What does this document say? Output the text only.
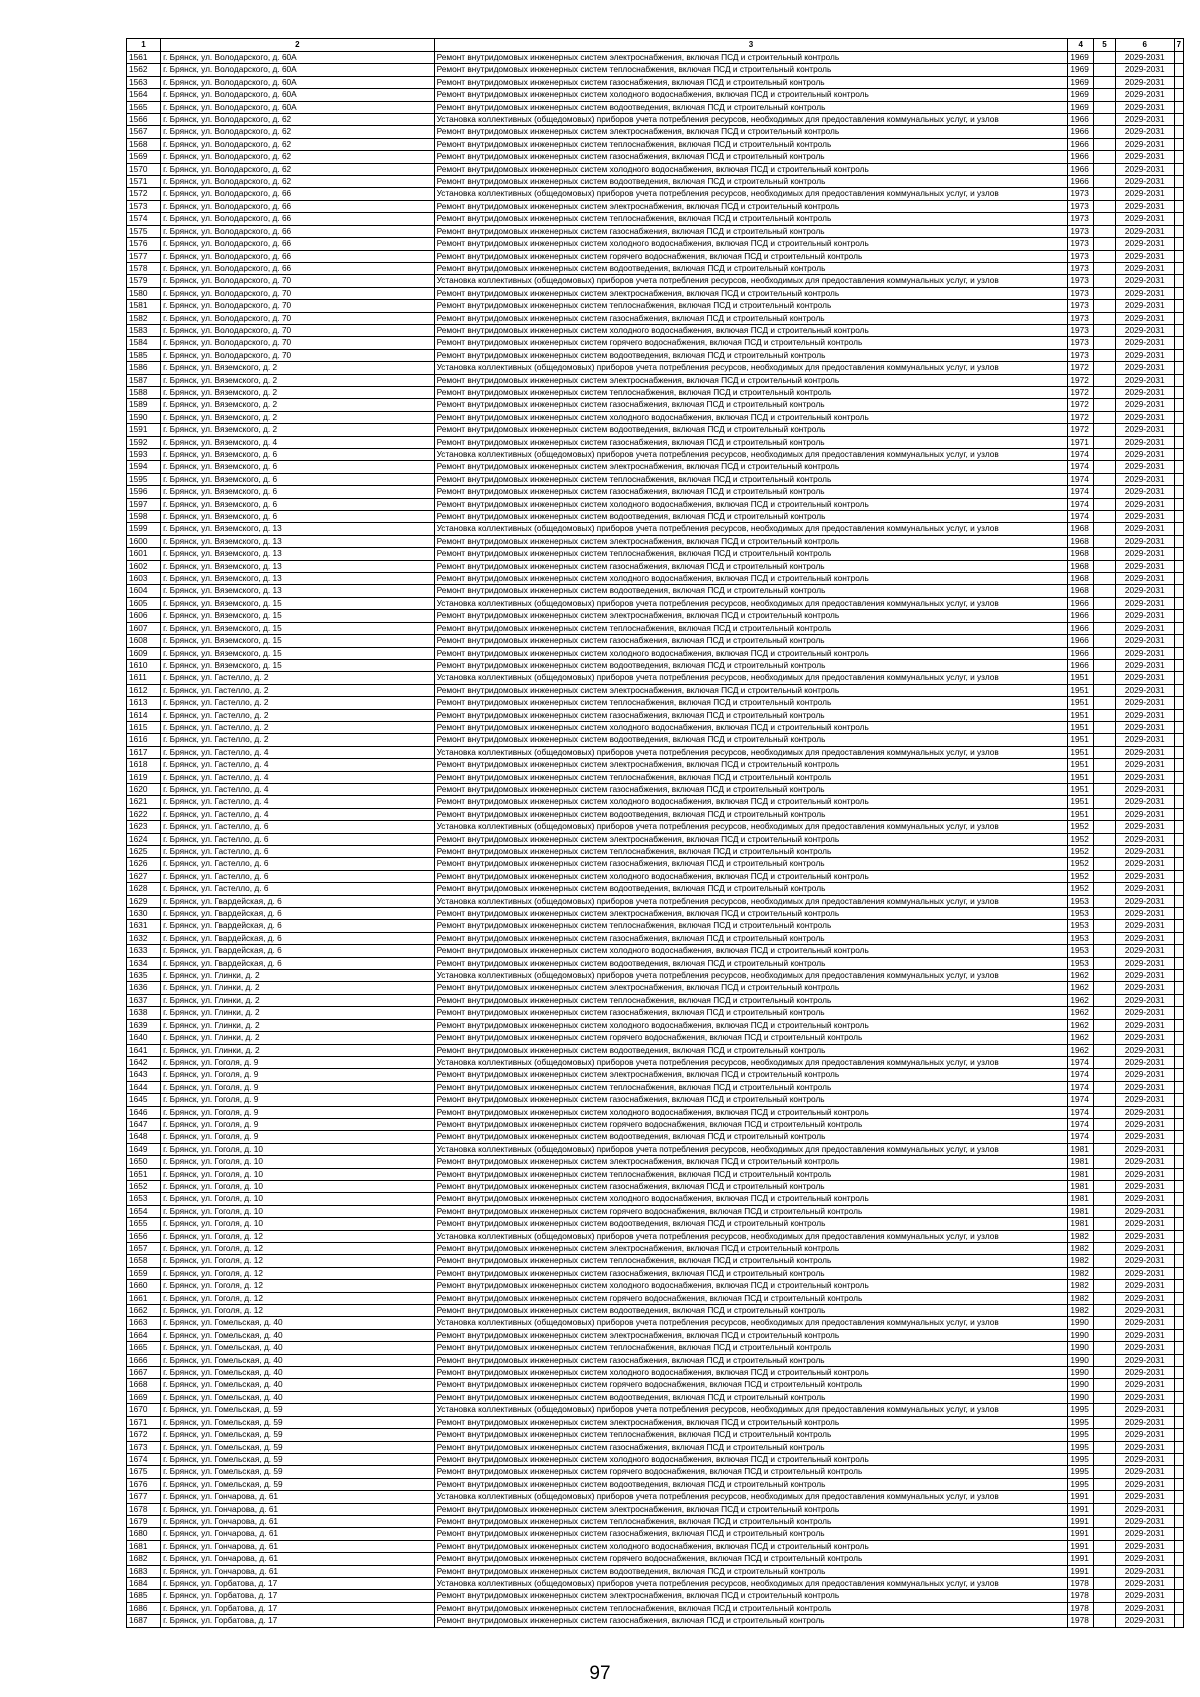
1	2	3	4	5	6	7
1561	г. Брянск, ул. Володарского, д. 60А	Ремонт внутридомовых инженерных систем электроснабжения, включая ПСД и строительный контроль	1969		2029-2031	
1562	г. Брянск, ул. Володарского, д. 60А	Ремонт внутридомовых инженерных систем теплоснабжения, включая ПСД и строительный контроль	1969		2029-2031	
1563	г. Брянск, ул. Володарского, д. 60А	Ремонт внутридомовых инженерных систем газоснабжения, включая ПСД и строительный контроль	1969		2029-2031	
1564	г. Брянск, ул. Володарского, д. 60А	Ремонт внутридомовых инженерных систем холодного водоснабжения, включая ПСД и строительный контроль	1969		2029-2031	
1565	г. Брянск, ул. Володарского, д. 60А	Ремонт внутридомовых инженерных систем водоотведения, включая ПСД и строительный контроль	1969		2029-2031	
1566	г. Брянск, ул. Володарского, д. 62	Установка коллективных (общедомовых) приборов учета потребления ресурсов, необходимых для предоставления коммунальных услуг, и узлов	1966		2029-2031	
1567	г. Брянск, ул. Володарского, д. 62	Ремонт внутридомовых инженерных систем электроснабжения, включая ПСД и строительный контроль	1966		2029-2031	
1568	г. Брянск, ул. Володарского, д. 62	Ремонт внутридомовых инженерных систем теплоснабжения, включая ПСД и строительный контроль	1966		2029-2031	
1569	г. Брянск, ул. Володарского, д. 62	Ремонт внутридомовых инженерных систем газоснабжения, включая ПСД и строительный контроль	1966		2029-2031	
1570	г. Брянск, ул. Володарского, д. 62	Ремонт внутридомовых инженерных систем холодного водоснабжения, включая ПСД и строительный контроль	1966		2029-2031	
1571	г. Брянск, ул. Володарского, д. 62	Ремонт внутридомовых инженерных систем водоотведения, включая ПСД и строительный контроль	1966		2029-2031	
1572	г. Брянск, ул. Володарского, д. 66	Установка коллективных (общедомовых) приборов учета потребления ресурсов, необходимых для предоставления коммунальных услуг, и узлов	1973		2029-2031	
1573	г. Брянск, ул. Володарского, д. 66	Ремонт внутридомовых инженерных систем электроснабжения, включая ПСД и строительный контроль	1973		2029-2031	
1574	г. Брянск, ул. Володарского, д. 66	Ремонт внутридомовых инженерных систем теплоснабжения, включая ПСД и строительный контроль	1973		2029-2031	
1575	г. Брянск, ул. Володарского, д. 66	Ремонт внутридомовых инженерных систем газоснабжения, включая ПСД и строительный контроль	1973		2029-2031	
1576	г. Брянск, ул. Володарского, д. 66	Ремонт внутридомовых инженерных систем холодного водоснабжения, включая ПСД и строительный контроль	1973		2029-2031	
1577	г. Брянск, ул. Володарского, д. 66	Ремонт внутридомовых инженерных систем горячего водоснабжения, включая ПСД и строительный контроль	1973		2029-2031	
1578	г. Брянск, ул. Володарского, д. 66	Ремонт внутридомовых инженерных систем водоотведения, включая ПСД и строительный контроль	1973		2029-2031	
1579	г. Брянск, ул. Володарского, д. 70	Установка коллективных (общедомовых) приборов учета потребления ресурсов, необходимых для предоставления коммунальных услуг, и узлов	1973		2029-2031	
1580	г. Брянск, ул. Володарского, д. 70	Ремонт внутридомовых инженерных систем электроснабжения, включая ПСД и строительный контроль	1973		2029-2031	
1581	г. Брянск, ул. Володарского, д. 70	Ремонт внутридомовых инженерных систем теплоснабжения, включая ПСД и строительный контроль	1973		2029-2031	
1582	г. Брянск, ул. Володарского, д. 70	Ремонт внутридомовых инженерных систем газоснабжения, включая ПСД и строительный контроль	1973		2029-2031	
1583	г. Брянск, ул. Володарского, д. 70	Ремонт внутридомовых инженерных систем холодного водоснабжения, включая ПСД и строительный контроль	1973		2029-2031	
1584	г. Брянск, ул. Володарского, д. 70	Ремонт внутридомовых инженерных систем горячего водоснабжения, включая ПСД и строительный контроль	1973		2029-2031	
1585	г. Брянск, ул. Володарского, д. 70	Ремонт внутридомовых инженерных систем водоотведения, включая ПСД и строительный контроль	1973		2029-2031	
1586	г. Брянск, ул. Вяземского, д. 2	Установка коллективных (общедомовых) приборов учета потребления ресурсов, необходимых для предоставления коммунальных услуг, и узлов	1972		2029-2031	
1587	г. Брянск, ул. Вяземского, д. 2	Ремонт внутридомовых инженерных систем электроснабжения, включая ПСД и строительный контроль	1972		2029-2031	
1588	г. Брянск, ул. Вяземского, д. 2	Ремонт внутридомовых инженерных систем теплоснабжения, включая ПСД и строительный контроль	1972		2029-2031	
1589	г. Брянск, ул. Вяземского, д. 2	Ремонт внутридомовых инженерных систем газоснабжения, включая ПСД и строительный контроль	1972		2029-2031	
1590	г. Брянск, ул. Вяземского, д. 2	Ремонт внутридомовых инженерных систем холодного водоснабжения, включая ПСД и строительный контроль	1972		2029-2031	
1591	г. Брянск, ул. Вяземского, д. 2	Ремонт внутридомовых инженерных систем водоотведения, включая ПСД и строительный контроль	1972		2029-2031	
1592	г. Брянск, ул. Вяземского, д. 4	Ремонт внутридомовых инженерных систем газоснабжения, включая ПСД и строительный контроль	1971		2029-2031	
1593	г. Брянск, ул. Вяземского, д. 6	Установка коллективных (общедомовых) приборов учета потребления ресурсов, необходимых для предоставления коммунальных услуг, и узлов	1974		2029-2031	
1594	г. Брянск, ул. Вяземского, д. 6	Ремонт внутридомовых инженерных систем электроснабжения, включая ПСД и строительный контроль	1974		2029-2031	
1595	г. Брянск, ул. Вяземского, д. 6	Ремонт внутридомовых инженерных систем теплоснабжения, включая ПСД и строительный контроль	1974		2029-2031	
1596	г. Брянск, ул. Вяземского, д. 6	Ремонт внутридомовых инженерных систем газоснабжения, включая ПСД и строительный контроль	1974		2029-2031	
1597	г. Брянск, ул. Вяземского, д. 6	Ремонт внутридомовых инженерных систем холодного водоснабжения, включая ПСД и строительный контроль	1974		2029-2031	
1598	г. Брянск, ул. Вяземского, д. 6	Ремонт внутридомовых инженерных систем водоотведения, включая ПСД и строительный контроль	1974		2029-2031	
1599	г. Брянск, ул. Вяземского, д. 13	Установка коллективных (общедомовых) приборов учета потребления ресурсов, необходимых для предоставления коммунальных услуг, и узлов	1968		2029-2031	
1600	г. Брянск, ул. Вяземского, д. 13	Ремонт внутридомовых инженерных систем электроснабжения, включая ПСД и строительный контроль	1968		2029-2031	
1601	г. Брянск, ул. Вяземского, д. 13	Ремонт внутридомовых инженерных систем теплоснабжения, включая ПСД и строительный контроль	1968		2029-2031	
1602	г. Брянск, ул. Вяземского, д. 13	Ремонт внутридомовых инженерных систем газоснабжения, включая ПСД и строительный контроль	1968		2029-2031	
1603	г. Брянск, ул. Вяземского, д. 13	Ремонт внутридомовых инженерных систем холодного водоснабжения, включая ПСД и строительный контроль	1968		2029-2031	
1604	г. Брянск, ул. Вяземского, д. 13	Ремонт внутридомовых инженерных систем водоотведения, включая ПСД и строительный контроль	1968		2029-2031	
1605	г. Брянск, ул. Вяземского, д. 15	Установка коллективных (общедомовых) приборов учета потребления ресурсов, необходимых для предоставления коммунальных услуг, и узлов	1966		2029-2031	
1606	г. Брянск, ул. Вяземского, д. 15	Ремонт внутридомовых инженерных систем электроснабжения, включая ПСД и строительный контроль	1966		2029-2031	
1607	г. Брянск, ул. Вяземского, д. 15	Ремонт внутридомовых инженерных систем теплоснабжения, включая ПСД и строительный контроль	1966		2029-2031	
1608	г. Брянск, ул. Вяземского, д. 15	Ремонт внутридомовых инженерных систем газоснабжения, включая ПСД и строительный контроль	1966		2029-2031	
1609	г. Брянск, ул. Вяземского, д. 15	Ремонт внутридомовых инженерных систем холодного водоснабжения, включая ПСД и строительный контроль	1966		2029-2031	
1610	г. Брянск, ул. Вяземского, д. 15	Ремонт внутридомовых инженерных систем водоотведения, включая ПСД и строительный контроль	1966		2029-2031	
1611	г. Брянск, ул. Гастелло, д. 2	Установка коллективных (общедомовых) приборов учета потребления ресурсов, необходимых для предоставления коммунальных услуг, и узлов	1951		2029-2031	
1612	г. Брянск, ул. Гастелло, д. 2	Ремонт внутридомовых инженерных систем электроснабжения, включая ПСД и строительный контроль	1951		2029-2031	
1613	г. Брянск, ул. Гастелло, д. 2	Ремонт внутридомовых инженерных систем теплоснабжения, включая ПСД и строительный контроль	1951		2029-2031	
1614	г. Брянск, ул. Гастелло, д. 2	Ремонт внутридомовых инженерных систем газоснабжения, включая ПСД и строительный контроль	1951		2029-2031	
1615	г. Брянск, ул. Гастелло, д. 2	Ремонт внутридомовых инженерных систем холодного водоснабжения, включая ПСД и строительный контроль	1951		2029-2031	
1616	г. Брянск, ул. Гастелло, д. 2	Ремонт внутридомовых инженерных систем водоотведения, включая ПСД и строительный контроль	1951		2029-2031	
1617	г. Брянск, ул. Гастелло, д. 4	Установка коллективных (общедомовых) приборов учета потребления ресурсов, необходимых для предоставления коммунальных услуг, и узлов	1951		2029-2031	
1618	г. Брянск, ул. Гастелло, д. 4	Ремонт внутридомовых инженерных систем электроснабжения, включая ПСД и строительный контроль	1951		2029-2031	
1619	г. Брянск, ул. Гастелло, д. 4	Ремонт внутридомовых инженерных систем теплоснабжения, включая ПСД и строительный контроль	1951		2029-2031	
1620	г. Брянск, ул. Гастелло, д. 4	Ремонт внутридомовых инженерных систем газоснабжения, включая ПСД и строительный контроль	1951		2029-2031	
1621	г. Брянск, ул. Гастелло, д. 4	Ремонт внутридомовых инженерных систем холодного водоснабжения, включая ПСД и строительный контроль	1951		2029-2031	
1622	г. Брянск, ул. Гастелло, д. 4	Ремонт внутридомовых инженерных систем водоотведения, включая ПСД и строительный контроль	1951		2029-2031	
1623	г. Брянск, ул. Гастелло, д. 6	Установка коллективных (общедомовых) приборов учета потребления ресурсов, необходимых для предоставления коммунальных услуг, и узлов	1952		2029-2031	
1624	г. Брянск, ул. Гастелло, д. 6	Ремонт внутридомовых инженерных систем электроснабжения, включая ПСД и строительный контроль	1952		2029-2031	
1625	г. Брянск, ул. Гастелло, д. 6	Ремонт внутридомовых инженерных систем теплоснабжения, включая ПСД и строительный контроль	1952		2029-2031	
1626	г. Брянск, ул. Гастелло, д. 6	Ремонт внутридомовых инженерных систем газоснабжения, включая ПСД и строительный контроль	1952		2029-2031	
1627	г. Брянск, ул. Гастелло, д. 6	Ремонт внутридомовых инженерных систем холодного водоснабжения, включая ПСД и строительный контроль	1952		2029-2031	
1628	г. Брянск, ул. Гастелло, д. 6	Ремонт внутридомовых инженерных систем водоотведения, включая ПСД и строительный контроль	1952		2029-2031	
1629	г. Брянск, ул. Гвардейская, д. 6	Установка коллективных (общедомовых) приборов учета потребления ресурсов, необходимых для предоставления коммунальных услуг, и узлов	1953		2029-2031	
1630	г. Брянск, ул. Гвардейская, д. 6	Ремонт внутридомовых инженерных систем электроснабжения, включая ПСД и строительный контроль	1953		2029-2031	
1631	г. Брянск, ул. Гвардейская, д. 6	Ремонт внутридомовых инженерных систем теплоснабжения, включая ПСД и строительный контроль	1953		2029-2031	
1632	г. Брянск, ул. Гвардейская, д. 6	Ремонт внутридомовых инженерных систем газоснабжения, включая ПСД и строительный контроль	1953		2029-2031	
1633	г. Брянск, ул. Гвардейская, д. 6	Ремонт внутридомовых инженерных систем холодного водоснабжения, включая ПСД и строительный контроль	1953		2029-2031	
1634	г. Брянск, ул. Гвардейская, д. 6	Ремонт внутридомовых инженерных систем водоотведения, включая ПСД и строительный контроль	1953		2029-2031	
1635	г. Брянск, ул. Глинки, д. 2	Установка коллективных (общедомовых) приборов учета потребления ресурсов, необходимых для предоставления коммунальных услуг, и узлов	1962		2029-2031	
1636	г. Брянск, ул. Глинки, д. 2	Ремонт внутридомовых инженерных систем электроснабжения, включая ПСД и строительный контроль	1962		2029-2031	
1637	г. Брянск, ул. Глинки, д. 2	Ремонт внутридомовых инженерных систем теплоснабжения, включая ПСД и строительный контроль	1962		2029-2031	
1638	г. Брянск, ул. Глинки, д. 2	Ремонт внутридомовых инженерных систем газоснабжения, включая ПСД и строительный контроль	1962		2029-2031	
1639	г. Брянск, ул. Глинки, д. 2	Ремонт внутридомовых инженерных систем холодного водоснабжения, включая ПСД и строительный контроль	1962		2029-2031	
1640	г. Брянск, ул. Глинки, д. 2	Ремонт внутридомовых инженерных систем горячего водоснабжения, включая ПСД и строительный контроль	1962		2029-2031	
1641	г. Брянск, ул. Глинки, д. 2	Ремонт внутридомовых инженерных систем водоотведения, включая ПСД и строительный контроль	1962		2029-2031	
1642	г. Брянск, ул. Гоголя, д. 9	Установка коллективных (общедомовых) приборов учета потребления ресурсов, необходимых для предоставления коммунальных услуг, и узлов	1974		2029-2031	
1643	г. Брянск, ул. Гоголя, д. 9	Ремонт внутридомовых инженерных систем электроснабжения, включая ПСД и строительный контроль	1974		2029-2031	
1644	г. Брянск, ул. Гоголя, д. 9	Ремонт внутридомовых инженерных систем теплоснабжения, включая ПСД и строительный контроль	1974		2029-2031	
1645	г. Брянск, ул. Гоголя, д. 9	Ремонт внутридомовых инженерных систем газоснабжения, включая ПСД и строительный контроль	1974		2029-2031	
1646	г. Брянск, ул. Гоголя, д. 9	Ремонт внутридомовых инженерных систем холодного водоснабжения, включая ПСД и строительный контроль	1974		2029-2031	
1647	г. Брянск, ул. Гоголя, д. 9	Ремонт внутридомовых инженерных систем горячего водоснабжения, включая ПСД и строительный контроль	1974		2029-2031	
1648	г. Брянск, ул. Гоголя, д. 9	Ремонт внутридомовых инженерных систем водоотведения, включая ПСД и строительный контроль	1974		2029-2031	
1649	г. Брянск, ул. Гоголя, д. 10	Установка коллективных (общедомовых) приборов учета потребления ресурсов, необходимых для предоставления коммунальных услуг, и узлов	1981		2029-2031	
1650	г. Брянск, ул. Гоголя, д. 10	Ремонт внутридомовых инженерных систем электроснабжения, включая ПСД и строительный контроль	1981		2029-2031	
1651	г. Брянск, ул. Гоголя, д. 10	Ремонт внутридомовых инженерных систем теплоснабжения, включая ПСД и строительный контроль	1981		2029-2031	
1652	г. Брянск, ул. Гоголя, д. 10	Ремонт внутридомовых инженерных систем газоснабжения, включая ПСД и строительный контроль	1981		2029-2031	
1653	г. Брянск, ул. Гоголя, д. 10	Ремонт внутридомовых инженерных систем холодного водоснабжения, включая ПСД и строительный контроль	1981		2029-2031	
1654	г. Брянск, ул. Гоголя, д. 10	Ремонт внутридомовых инженерных систем горячего водоснабжения, включая ПСД и строительный контроль	1981		2029-2031	
1655	г. Брянск, ул. Гоголя, д. 10	Ремонт внутридомовых инженерных систем водоотведения, включая ПСД и строительный контроль	1981		2029-2031	
1656	г. Брянск, ул. Гоголя, д. 12	Установка коллективных (общедомовых) приборов учета потребления ресурсов, необходимых для предоставления коммунальных услуг, и узлов	1982		2029-2031	
1657	г. Брянск, ул. Гоголя, д. 12	Ремонт внутридомовых инженерных систем электроснабжения, включая ПСД и строительный контроль	1982		2029-2031	
1658	г. Брянск, ул. Гоголя, д. 12	Ремонт внутридомовых инженерных систем теплоснабжения, включая ПСД и строительный контроль	1982		2029-2031	
1659	г. Брянск, ул. Гоголя, д. 12	Ремонт внутридомовых инженерных систем газоснабжения, включая ПСД и строительный контроль	1982		2029-2031	
1660	г. Брянск, ул. Гоголя, д. 12	Ремонт внутридомовых инженерных систем холодного водоснабжения, включая ПСД и строительный контроль	1982		2029-2031	
1661	г. Брянск, ул. Гоголя, д. 12	Ремонт внутридомовых инженерных систем горячего водоснабжения, включая ПСД и строительный контроль	1982		2029-2031	
1662	г. Брянск, ул. Гоголя, д. 12	Ремонт внутридомовых инженерных систем водоотведения, включая ПСД и строительный контроль	1982		2029-2031	
1663	г. Брянск, ул. Гомельская, д. 40	Установка коллективных (общедомовых) приборов учета потребления ресурсов, необходимых для предоставления коммунальных услуг, и узлов	1990		2029-2031	
1664	г. Брянск, ул. Гомельская, д. 40	Ремонт внутридомовых инженерных систем электроснабжения, включая ПСД и строительный контроль	1990		2029-2031	
1665	г. Брянск, ул. Гомельская, д. 40	Ремонт внутридомовых инженерных систем теплоснабжения, включая ПСД и строительный контроль	1990		2029-2031	
1666	г. Брянск, ул. Гомельская, д. 40	Ремонт внутридомовых инженерных систем газоснабжения, включая ПСД и строительный контроль	1990		2029-2031	
1667	г. Брянск, ул. Гомельская, д. 40	Ремонт внутридомовых инженерных систем холодного водоснабжения, включая ПСД и строительный контроль	1990		2029-2031	
1668	г. Брянск, ул. Гомельская, д. 40	Ремонт внутридомовых инженерных систем горячего водоснабжения, включая ПСД и строительный контроль	1990		2029-2031	
1669	г. Брянск, ул. Гомельская, д. 40	Ремонт внутридомовых инженерных систем водоотведения, включая ПСД и строительный контроль	1990		2029-2031	
1670	г. Брянск, ул. Гомельская, д. 59	Установка коллективных (общедомовых) приборов учета потребления ресурсов, необходимых для предоставления коммунальных услуг, и узлов	1995		2029-2031	
1671	г. Брянск, ул. Гомельская, д. 59	Ремонт внутридомовых инженерных систем электроснабжения, включая ПСД и строительный контроль	1995		2029-2031	
1672	г. Брянск, ул. Гомельская, д. 59	Ремонт внутридомовых инженерных систем теплоснабжения, включая ПСД и строительный контроль	1995		2029-2031	
1673	г. Брянск, ул. Гомельская, д. 59	Ремонт внутридомовых инженерных систем газоснабжения, включая ПСД и строительный контроль	1995		2029-2031	
1674	г. Брянск, ул. Гомельская, д. 59	Ремонт внутридомовых инженерных систем холодного водоснабжения, включая ПСД и строительный контроль	1995		2029-2031	
1675	г. Брянск, ул. Гомельская, д. 59	Ремонт внутридомовых инженерных систем горячего водоснабжения, включая ПСД и строительный контроль	1995		2029-2031	
1676	г. Брянск, ул. Гомельская, д. 59	Ремонт внутридомовых инженерных систем водоотведения, включая ПСД и строительный контроль	1995		2029-2031	
1677	г. Брянск, ул. Гончарова, д. 61	Установка коллективных (общедомовых) приборов учета потребления ресурсов, необходимых для предоставления коммунальных услуг, и узлов	1991		2029-2031	
1678	г. Брянск, ул. Гончарова, д. 61	Ремонт внутридомовых инженерных систем электроснабжения, включая ПСД и строительный контроль	1991		2029-2031	
1679	г. Брянск, ул. Гончарова, д. 61	Ремонт внутридомовых инженерных систем теплоснабжения, включая ПСД и строительный контроль	1991		2029-2031	
1680	г. Брянск, ул. Гончарова, д. 61	Ремонт внутридомовых инженерных систем газоснабжения, включая ПСД и строительный контроль	1991		2029-2031	
1681	г. Брянск, ул. Гончарова, д. 61	Ремонт внутридомовых инженерных систем холодного водоснабжения, включая ПСД и строительный контроль	1991		2029-2031	
1682	г. Брянск, ул. Гончарова, д. 61	Ремонт внутридомовых инженерных систем горячего водоснабжения, включая ПСД и строительный контроль	1991		2029-2031	
1683	г. Брянск, ул. Гончарова, д. 61	Ремонт внутридомовых инженерных систем водоотведения, включая ПСД и строительный контроль	1991		2029-2031	
1684	г. Брянск, ул. Горбатова, д. 17	Установка коллективных (общедомовых) приборов учета потребления ресурсов, необходимых для предоставления коммунальных услуг, и узлов	1978		2029-2031	
1685	г. Брянск, ул. Горбатова, д. 17	Ремонт внутридомовых инженерных систем электроснабжения, включая ПСД и строительный контроль	1978		2029-2031	
1686	г. Брянск, ул. Горбатова, д. 17	Ремонт внутридомовых инженерных систем теплоснабжения, включая ПСД и строительный контроль	1978		2029-2031	
1687	г. Брянск, ул. Горбатова, д. 17	Ремонт внутридомовых инженерных систем газоснабжения, включая ПСД и строительный контроль	1978		2029-2031	
97
